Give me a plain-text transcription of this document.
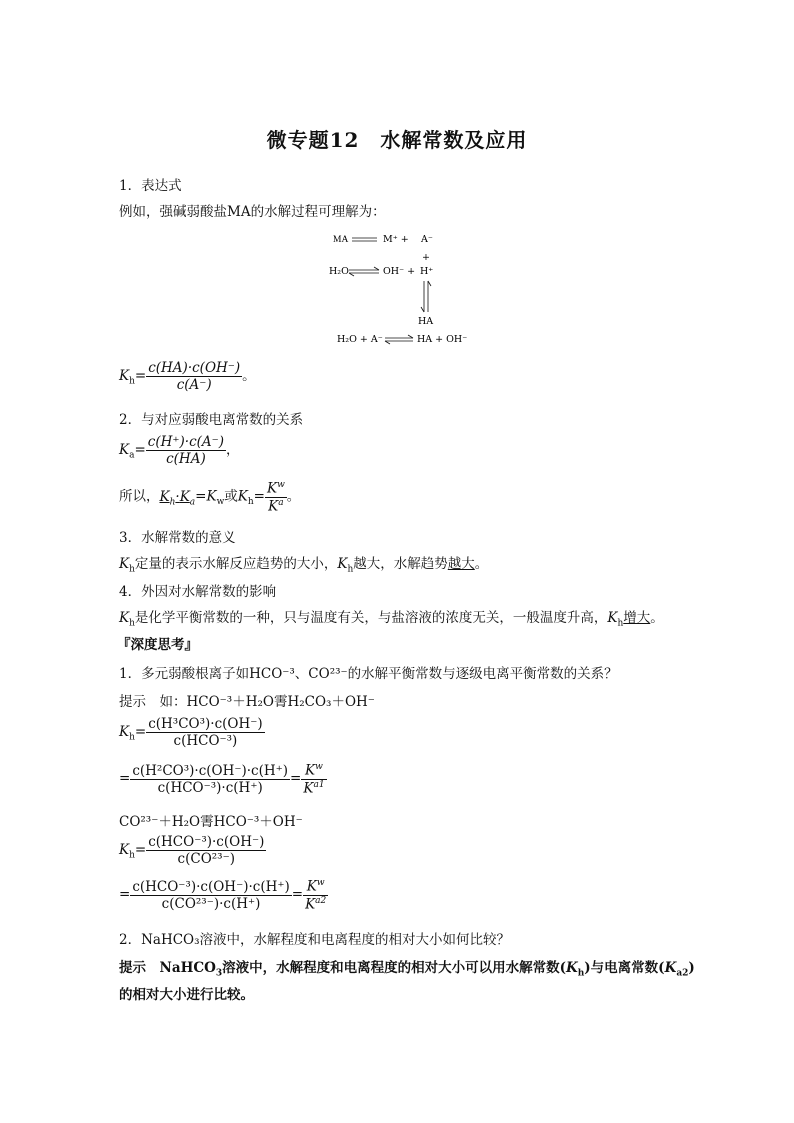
微专题12　水解常数及应用
1．表达式
例如，强碱弱酸盐MA的水解过程可理解为：
MA	M⁺ + A⁻
+
H₂O	OH⁻ + H⁺
HA
H₂O + A⁻	HA + OH⁻
$K_h= \frac{c(HA)\cdot c(OH^-)}{c(A^-)}$ 。
2．与对应弱酸电离常数的关系
$K_a= \frac{c(H^+)\cdot c(A^-)}{c(HA)}$ ，
所以，$K_h\cdot K_a=K_w$或$K_h= \frac{K^w}{K^a}$ 。
3．水解常数的意义
$K_h$定量的表示水解反应趋势的大小，$K_h$越大，水解趋势越大。
4．外因对水解常数的影响
$K_h$是化学平衡常数的一种，只与温度有关，与盐溶液的浓度无关，一般温度升高，$K_h$增大。
『深度思考』
1．多元弱酸根离子如HCO⁻³、CO²³⁻的水解平衡常数与逐级电离平衡常数的关系？
提示　 如：HCO⁻³＋H₂O䨝H₂CO₃＋OH⁻
$K_h= \frac{\text{c(H³CO³)·c(OH⁻)}}{\text{c(HCO⁻³)}}$
= $\frac{\text{c(H²CO³)·c(OH⁻)·c(H⁺)}}{\text{c(HCO⁻³)·c(H⁺)}} = \frac{K^w}{K^{a1}}$
CO²³⁻＋H₂O䨝HCO⁻³＋OH⁻
$K_h= \frac{\text{c(HCO⁻³)·c(OH⁻)}}{\text{c(CO²³⁻)}}$
= $\frac{\text{c(HCO⁻³)·c(OH⁻)·c(H⁺)}}{\text{c(CO²³⁻)·c(H⁺)}} = \frac{K^w}{K^{a2}}$
2．NaHCO₃溶液中，水解程度和电离程度的相对大小如何比较？
提示　 NaHCO$_3$溶液中，水解程度和电离程度的相对大小可以用水解常数$(K_h)$与电离常数$(K_{a2})$
的相对大小进行比较。
